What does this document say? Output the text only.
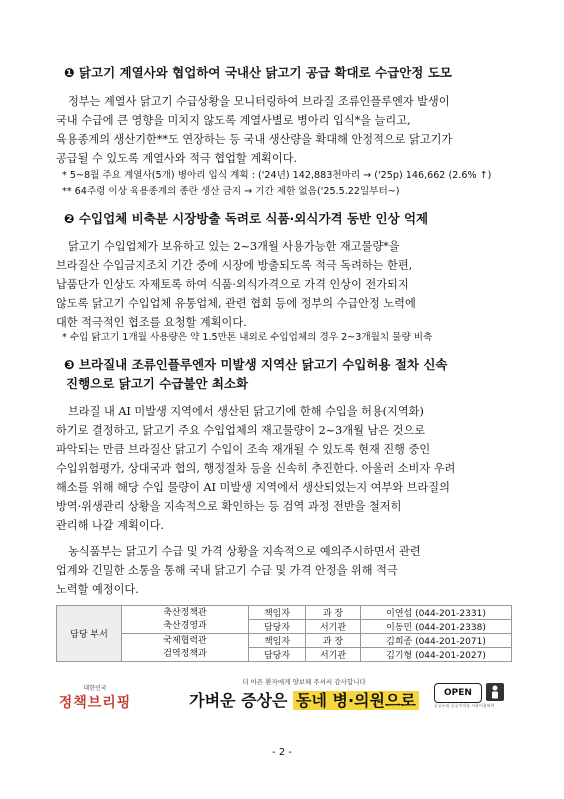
❶ 닭고기 계열사와 협업하여 국내산 닭고기 공급 확대로 수급안정 도모
정부는 계열사 닭고기 수급상황을 모니터링하여 브라질 조류인플루엔자 발생이
국내 수급에 큰 영향을 미치지 않도록 계열사별로 병아리 입식*을 늘리고,
육용종계의 생산기한**도 연장하는 등 국내 생산량을 확대해 안정적으로 닭고기가
공급될 수 있도록 계열사와 적극 협업할 계획이다.
* 5~8월 주요 계열사(5개) 병아리 입식 계획 : ('24년) 142,883천마리 → ('25p) 146,662 (2.6% ↑)
** 64주령 이상 육용종계의 종란 생산 금지 → 기간 제한 없음('25.5.22일부터~)
❷ 수입업체 비축분 시장방출 독려로 식품·외식가격 동반 인상 억제
닭고기 수입업체가 보유하고 있는 2~3개월 사용가능한 재고물량*을
브라질산 수입금지조치 기간 중에 시장에 방출되도록 적극 독려하는 한편,
납품단가 인상도 자제토록 하여 식품·외식가격으로 가격 인상이 전가되지
않도록 닭고기 수입업체 유통업체, 관련 협회 등에 정부의 수급안정 노력에
대한 적극적인 협조를 요청할 계획이다.
* 수입 닭고기 1개월 사용량은 약 1.5만톤 내외로 수입업체의 경우 2~3개월치 물량 비축
❸ 브라질내 조류인플루엔자 미발생 지역산 닭고기 수입허용 절차 신속
진행으로 닭고기 수급불안 최소화
브라질 내 AI 미발생 지역에서 생산된 닭고기에 한해 수입을 허용(지역화)
하기로 결정하고, 닭고기 주요 수입업체의 재고물량이 2~3개월 남은 것으로
파악되는 만큼 브라질산 닭고기 수입이 조속 재개될 수 있도록 현재 진행 중인
수입위험평가, 상대국과 협의, 행정절차 등을 신속히 추진한다. 아울러 소비자 우려
해소를 위해 해당 수입 물량이 AI 미발생 지역에서 생산되었는지 여부와 브라질의
방역·위생관리 상황을 지속적으로 확인하는 등 검역 과정 전반을 철저히
관리해 나갈 계획이다.
농식품부는 닭고기 수급 및 가격 상황을 지속적으로 예의주시하면서 관련
업계와 긴밀한 소통을 통해 국내 닭고기 수급 및 가격 안정을 위해 적극
노력할 예정이다.
담당 부서	축산정책관
축산경영과	책임자	과 장	이연섭 (044-201-2331)
		담당자	서기관	이동민 (044-201-2338)

	국제협력관
검역정책과	책임자	과 장	김희종 (044-201-2071)
		담당자	서기관	김기형 (044-201-2027)
대한민국
정책브리핑
더 아픈 환자에게 양보해 주셔서 감사합니다
가벼운 증상은 동네 병·의원으로	OPEN
공공누리 공공저작물 자유이용허락
- 2 -
